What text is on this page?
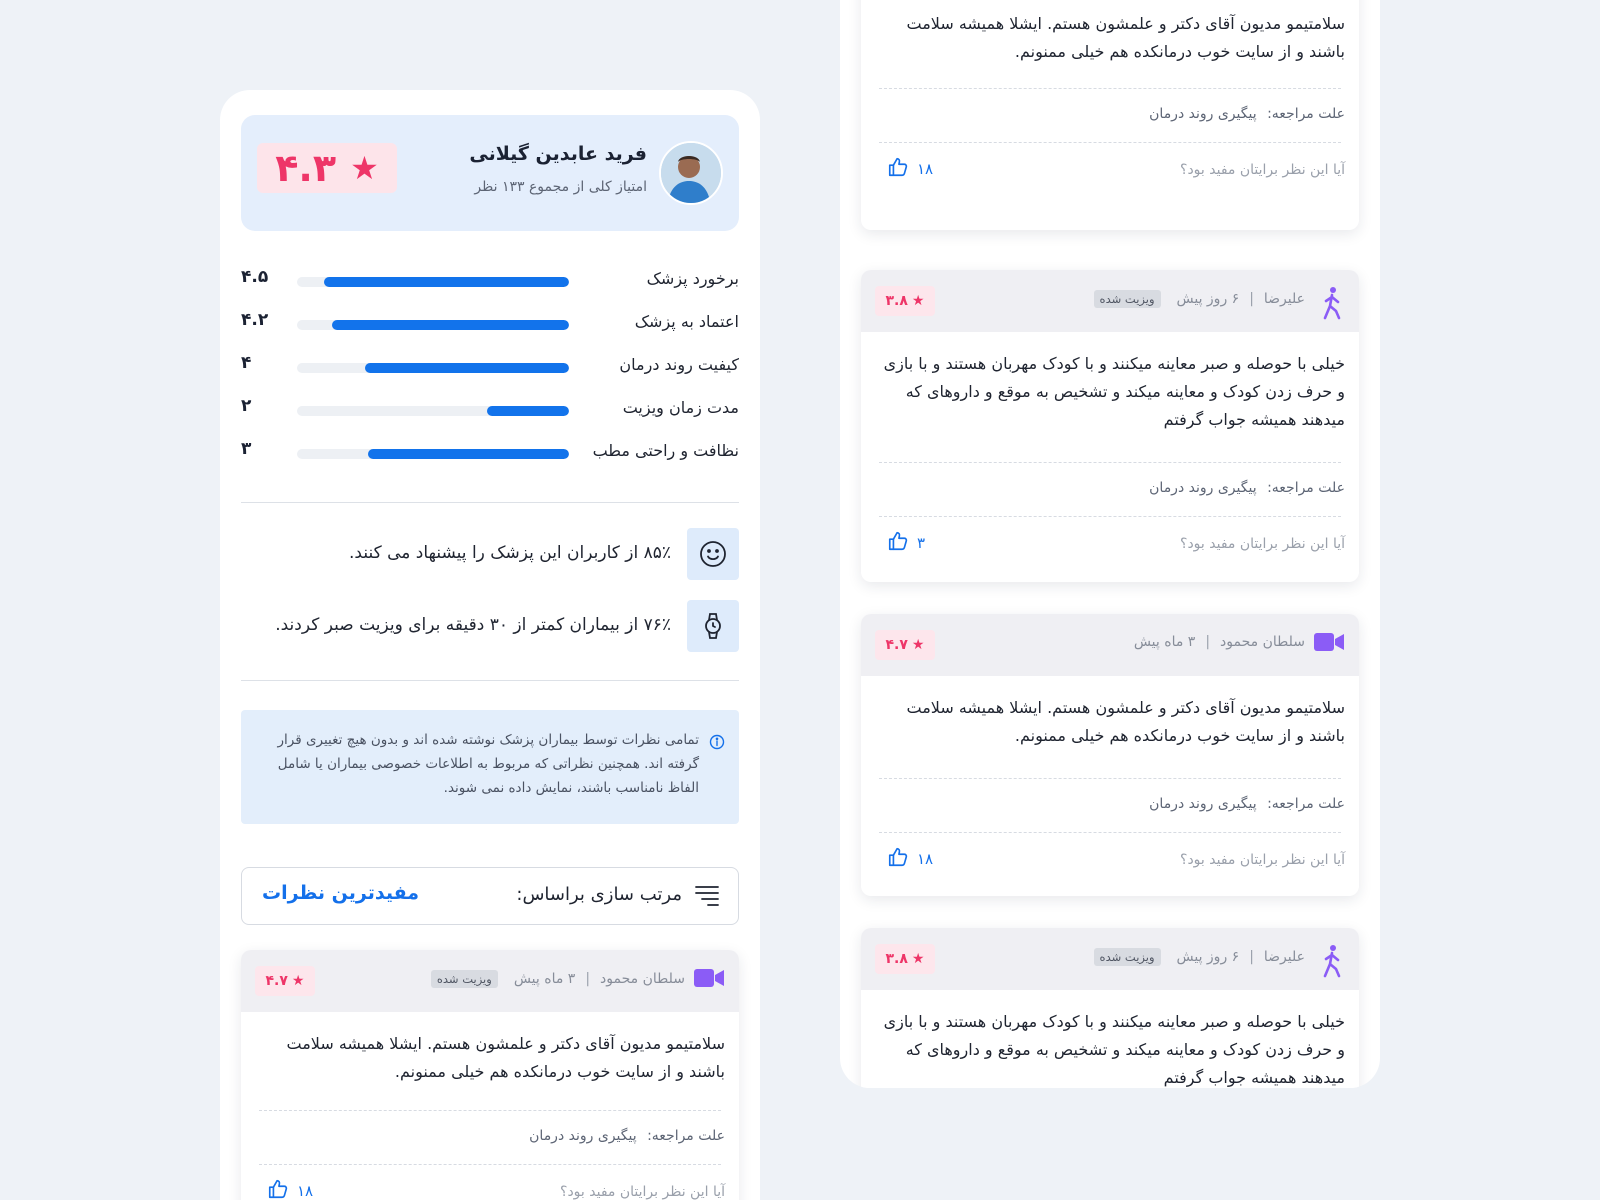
فرید عابدین گیلانی
امتیاز کلی از مجموع ۱۳۳ نظر
۴.۳ ★
برخورد پزشک
۴.۵
اعتماد به پزشک
۴.۲
کیفیت روند درمان
۴
مدت زمان ویزیت
۲
نظافت و راحتی مطب
۳
۸۵٪ از کاربران این پزشک را پیشنهاد می کنند.
۷۶٪ از بیماران کمتر از ۳۰ دقیقه برای ویزیت صبر کردند.

تمامی نظرات توسط بیماران پزشک نوشته شده اند و بدون هیچ تغییری قرار گرفته اند. همچنین نظراتی که مربوط به اطلاعات خصوصی بیماران یا شامل الفاظ نامناسب باشند، نمایش داده نمی شوند.

مرتب سازی براساس:
مفیدترین نظرات
سلطان محمود
|
۳ ماه پیش
ویزیت شده
۴.۷ ★

سلامتیمو مدیون آقای دکتر و علمشون هستم. ایشلا همیشه سلامت باشند و از سایت خوب درمانکده هم خیلی ممنونم.

علت مراجعه: پیگیری روند درمان
آیا این نظر برایتان مفید بود؟
۱۸

سلامتیمو مدیون آقای دکتر و علمشون هستم. ایشلا همیشه سلامت باشند و از سایت خوب درمانکده هم خیلی ممنونم.

علت مراجعه: پیگیری روند درمان
آیا این نظر برایتان مفید بود؟
۱۸
علیرضا
|
۶ روز پیش
ویزیت شده
۳.۸ ★

خیلی با حوصله و صبر معاینه میکنند و با کودک مهربان هستند و با بازی و حرف زدن کودک و معاینه میکند و تشخیص به موقع و داروهای که میدهند همیشه جواب گرفتم

علت مراجعه: پیگیری روند درمان
آیا این نظر برایتان مفید بود؟
۳
سلطان محمود
|
۳ ماه پیش
۴.۷ ★

سلامتیمو مدیون آقای دکتر و علمشون هستم. ایشلا همیشه سلامت باشند و از سایت خوب درمانکده هم خیلی ممنونم.

علت مراجعه: پیگیری روند درمان
آیا این نظر برایتان مفید بود؟
۱۸
علیرضا
|
۶ روز پیش
ویزیت شده
۳.۸ ★

خیلی با حوصله و صبر معاینه میکنند و با کودک مهربان هستند و با بازی و حرف زدن کودک و معاینه میکند و تشخیص به موقع و داروهای که میدهند همیشه جواب گرفتم
